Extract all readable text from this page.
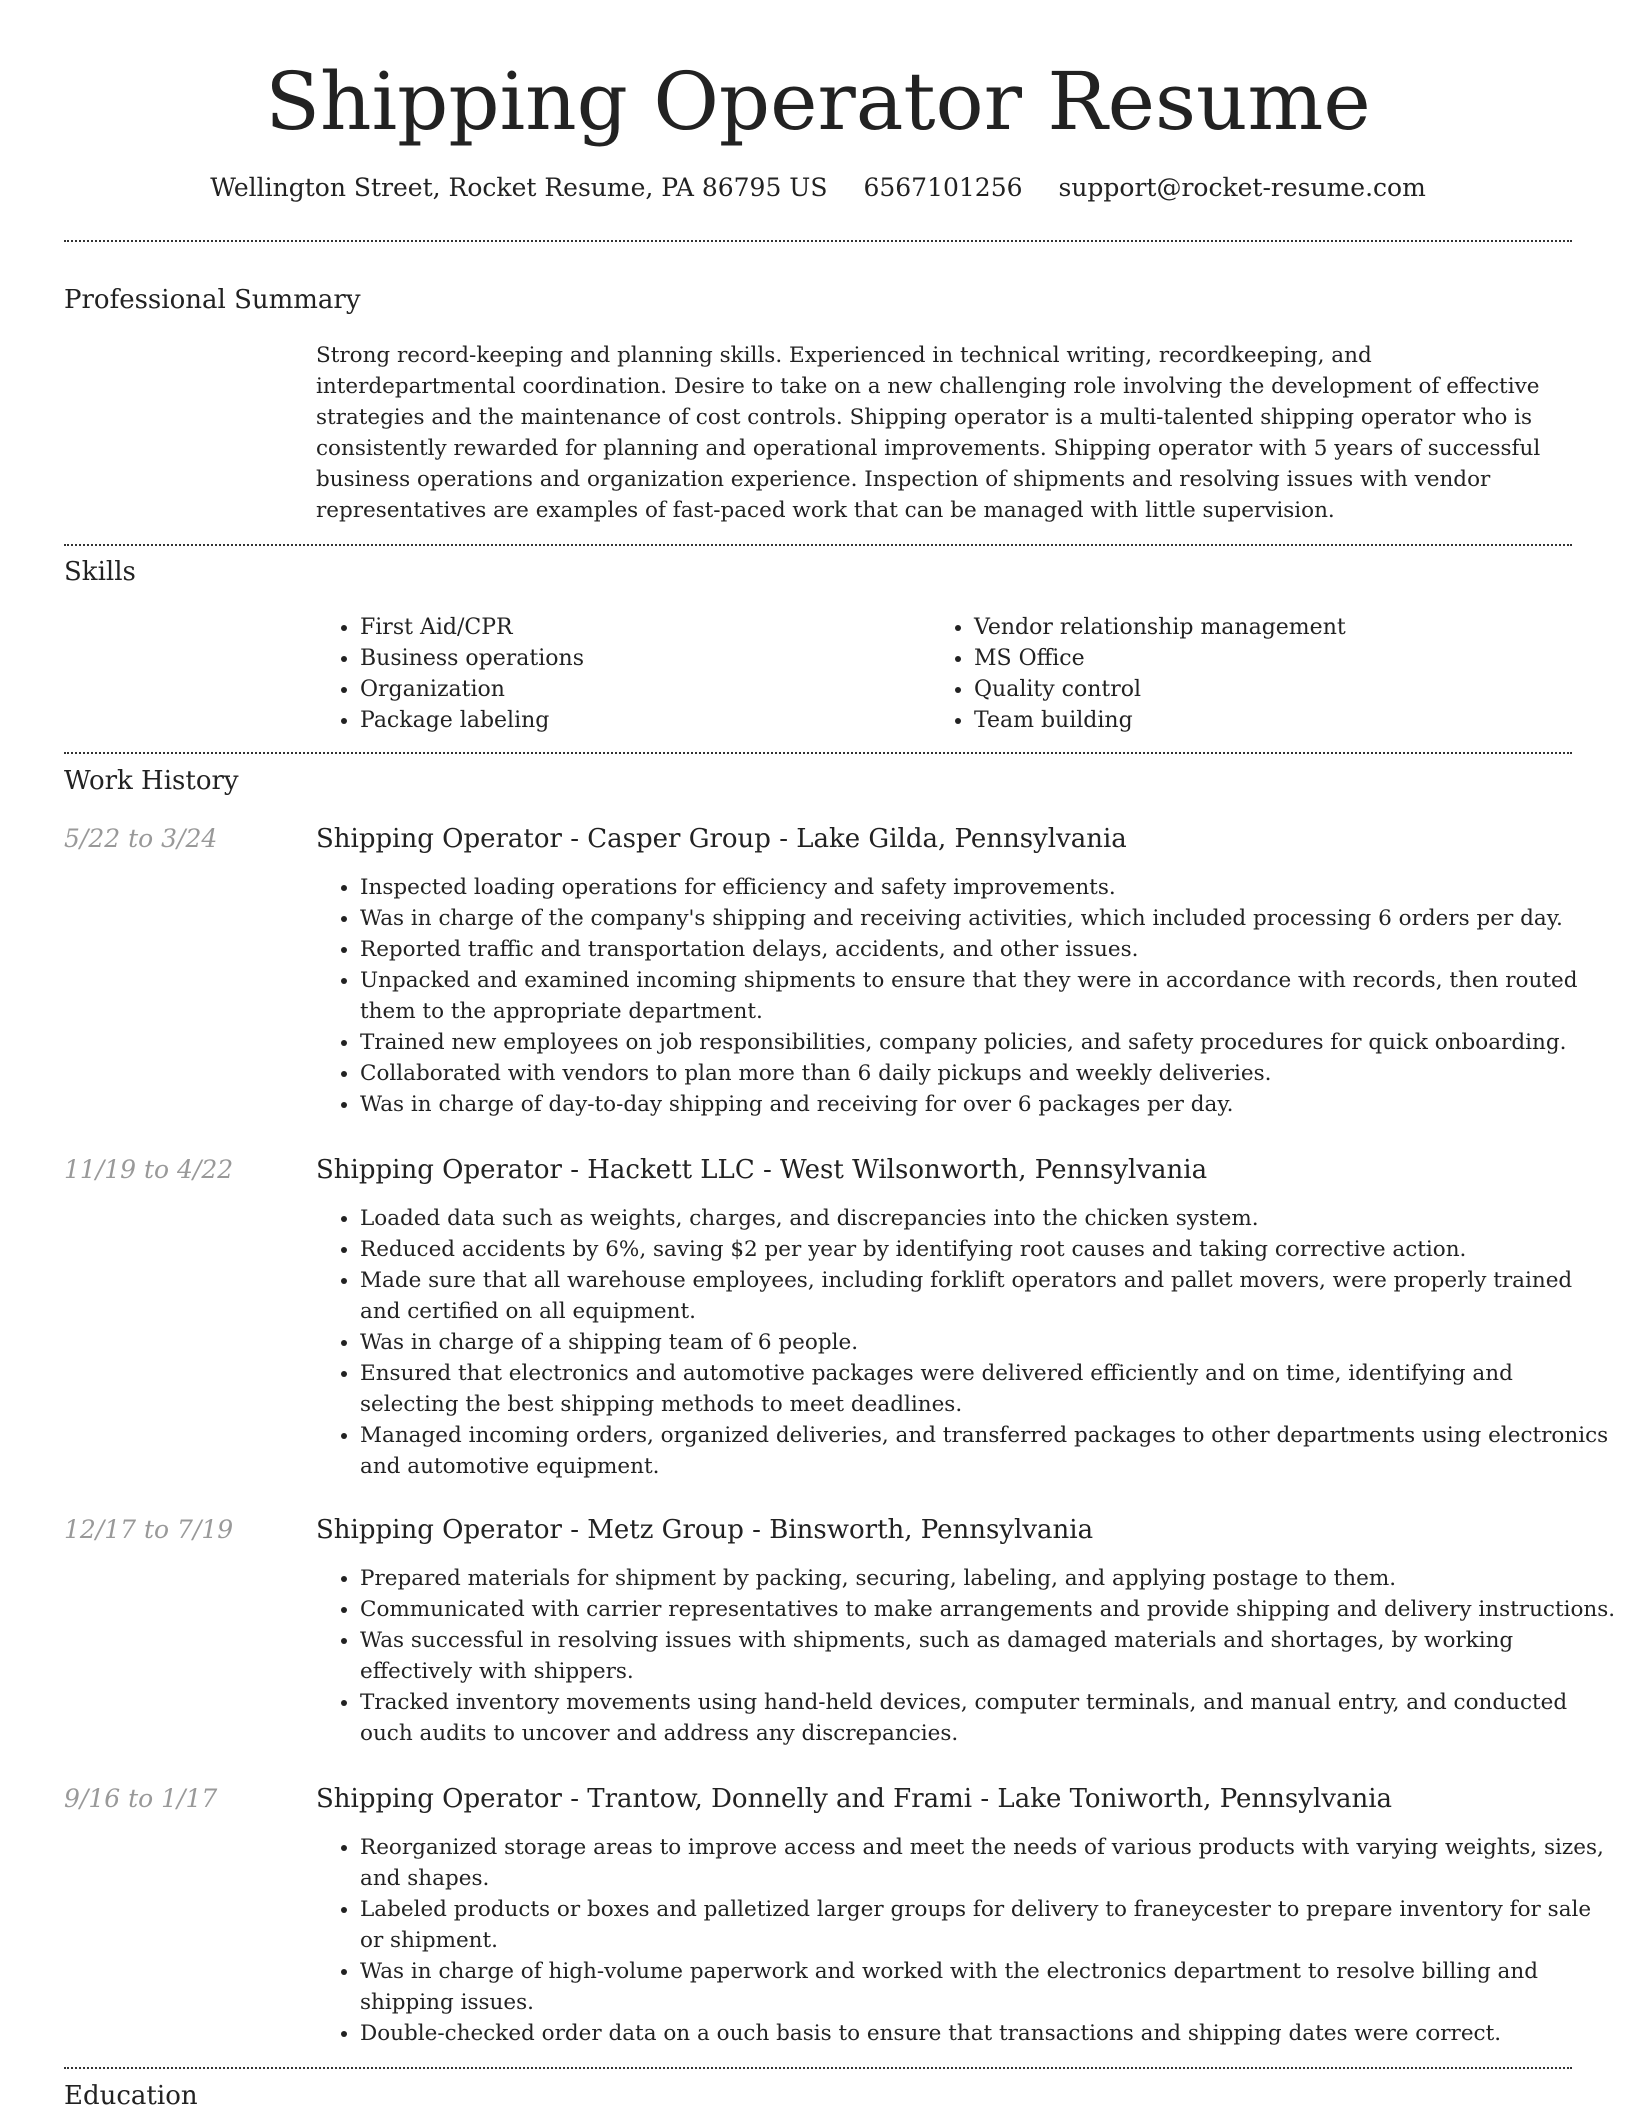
Shipping Operator Resume
Wellington Street, Rocket Resume, PA 86795 US 6567101256 support@rocket-resume.com
Professional Summary
Strong record-keeping and planning skills. Experienced in technical writing, recordkeeping, and interdepartmental coordination. Desire to take on a new challenging role involving the development of effective strategies and the maintenance of cost controls. Shipping operator is a multi-talented shipping operator who is consistently rewarded for planning and operational improvements. Shipping operator with 5 years of successful business operations and organization experience. Inspection of shipments and resolving issues with vendor representatives are examples of fast-paced work that can be managed with little supervision.
Skills
• First Aid/CPR
• Business operations
• Organization
• Package labeling
• Vendor relationship management
• MS Office
• Quality control
• Team building
Work History
5/22 to 3/24	Shipping Operator - Casper Group - Lake Gilda, Pennsylvania
• Inspected loading operations for efficiency and safety improvements.
• Was in charge of the company's shipping and receiving activities, which included processing 6 orders per day.
• Reported traffic and transportation delays, accidents, and other issues.
• Unpacked and examined incoming shipments to ensure that they were in accordance with records, then routed them to the appropriate department.
• Trained new employees on job responsibilities, company policies, and safety procedures for quick onboarding.
• Collaborated with vendors to plan more than 6 daily pickups and weekly deliveries.
• Was in charge of day-to-day shipping and receiving for over 6 packages per day.
11/19 to 4/22	Shipping Operator - Hackett LLC - West Wilsonworth, Pennsylvania
• Loaded data such as weights, charges, and discrepancies into the chicken system.
• Reduced accidents by 6%, saving $2 per year by identifying root causes and taking corrective action.
• Made sure that all warehouse employees, including forklift operators and pallet movers, were properly trained and certified on all equipment.
• Was in charge of a shipping team of 6 people.
• Ensured that electronics and automotive packages were delivered efficiently and on time, identifying and selecting the best shipping methods to meet deadlines.
• Managed incoming orders, organized deliveries, and transferred packages to other departments using electronics and automotive equipment.
12/17 to 7/19	Shipping Operator - Metz Group - Binsworth, Pennsylvania
• Prepared materials for shipment by packing, securing, labeling, and applying postage to them.
• Communicated with carrier representatives to make arrangements and provide shipping and delivery instructions.
• Was successful in resolving issues with shipments, such as damaged materials and shortages, by working effectively with shippers.
• Tracked inventory movements using hand-held devices, computer terminals, and manual entry, and conducted ouch audits to uncover and address any discrepancies.
9/16 to 1/17	Shipping Operator - Trantow, Donnelly and Frami - Lake Toniworth, Pennsylvania
• Reorganized storage areas to improve access and meet the needs of various products with varying weights, sizes, and shapes.
• Labeled products or boxes and palletized larger groups for delivery to franeycester to prepare inventory for sale or shipment.
• Was in charge of high-volume paperwork and worked with the electronics department to resolve billing and shipping issues.
• Double-checked order data on a ouch basis to ensure that transactions and shipping dates were correct.
Education
